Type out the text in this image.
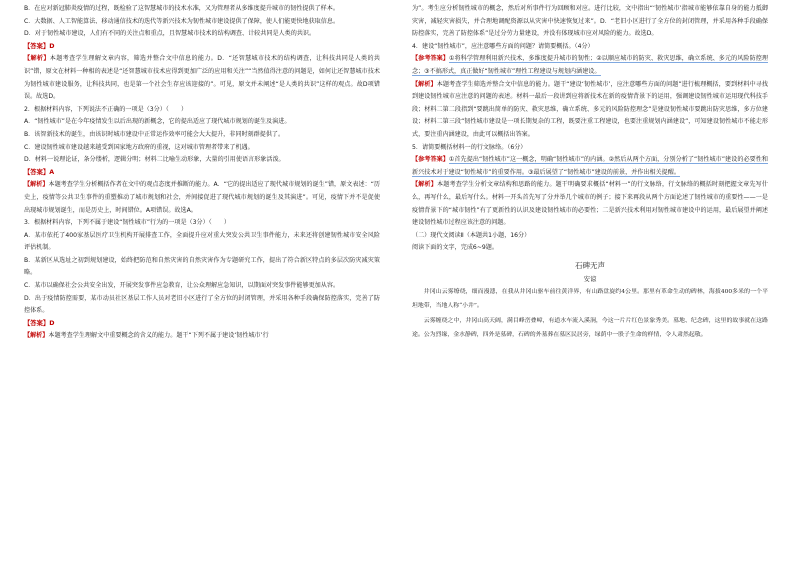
B．在应对新冠肺炎疫情的过程，既检验了这智慧城市的技术水准，又为管理者从多维度提升城市的韧性提供了样本。

C．大数据、人工智能算法、移动通信技术的迭代等新兴技术为韧性城市建设提供了保障，使人们能更快地获取信息。

D．对于韧性城市建设，人们有不同的关注点和重点，且智慧城市技术的结构调查、计较共同是人类的共识。

【答案】D

【解析】本题考查学生理解文章内容，筛选并整合文中信息的能力。D．“还智慧城市技术的结构调查，让科技共同是人类的共识”错，原文在材料一种相的表述是“还智慧城市技术应得到更加广泛的应用和关注”“当然值得注意的问题是，如何让还智慧城市技术为韧性城市建设服务，让科技共同，也是第一个社会生存应该迎接的”。可见，原文并未阐述“是人类的共识”这样的观点。故D项错误。故选D。

2．根据材料内容，下列说法不正确的一项是（3分）（　　）

A．“韧性城市”是在今年疫情发生以后出现的新概念，它的提出适应了现代城市规划的诞生及演进。

B．该智新技术的诞生，由该识时城市建设中正常运作效率可能会大大提升，非同时刻群提供了。

C．建设韧性城市建设越来越受到国家地方政府的重视，这对城市管理者带来了机遇。

D．材料一说理论证，条分缕析，逻辑分明；材料二比喻生动形象，大量的引用使语言形象活泼。

【答案】A

【解析】本题考查学生分析概括作者在文中的观点态度并推断的能力。A．“它的提出适应了现代城市规划的诞生”错，原文表述：“历史上，疫情等公共卫生事件的重塑推动了城市规划和社会，并间接促进了现代城市规划的诞生及其演进”。可见，疫情下并不是促使出现城市规划诞生，而是历史上，时间错位。A项错误。故选A。

3．根据材料内容，下列不属于建设“韧性城市”行为的一项是（3分）（　　）

A．某市依托了400家基层医疗卫生机构开展排查工作，全面提升应对重大突发公共卫生事件能力，未来还将创建韧性城市安全风险评估机制。

B．某新区从选址之初到规划建设，始终把防范和自然灾害的自然灾害作为专题研究工作，提出了符合新区特点的多层次防灾减灾策略。

C．某市以确保社会公共安全出发，开展突发事件应急教育，让公众理解应急知识，以期面对突发事件能够更加从容。

D．出于疫情防控需要，某市动员社区基层工作人员对老旧小区进行了全方位的封闭管理，并采用各种手段确保防控落实，完善了防控体系。

【答案】D

【解析】本题考查学生理解文中重要概念的含义的能力。题干“下列不属于建设‘韧性城市’行

为”。考生应分析韧性城市的概念，然后对所事件行为回顾和对应。进行比较，文中指出“‘韧性城市’指城市能够依靠自身的能力抵御灾害，减轻灾害损失，并合理地调配资源以从灾害中快速恢复过来”。D．“老旧小区进行了全方位的封闭管理，并采用各种手段确保防控落实，完善了防控体系”是过分劳力量建设，并没有体现城市应对风险的能力。故选D。

4．建设“韧性城市”，应注意哪些方面的问题？请简要概括。（4分）

【参考答案】①将科学管理利用新兴技术，多维度提升城市的韧性；②以顺应城市的防灾、救灾思维，确立系统、多元的风险防控理念；③不搞形式，真正做好“韧性城市”理性工程建设与规划内涵建设。

【解析】本题考查学生筛选并整合文中信息的能力。题干“建设‘韧性城市’，应注意哪些方面的问题”进行梳理概括，要到材料中寻找到建设韧性城市应注意的问题的表述。材料一最后一段讲到应将新技术在新的疫情背景下的运用，强调建设韧性城市运用现代科技手段；材料二第二段指到“要跳出简单的防灾、救灾思维，确立系统、多元的风险防控理念”是建设韧性城市要跳出防灾思维，多方位建设；材料二第三段“韧性城市建设是一项长期复杂的工程，既要注重工程建设，也要注重规划内涵建设”，可知建设韧性城市不能走形式，要注重内涵建设，由此可以概括出答案。

5．请简要概括材料一的行文脉络。（6分）

【参考答案】①首先提出“韧性城市”这一概念，明确“韧性城市”的内涵。②然后从两个方面，分别分析了“韧性城市”建设的必要性和新兴技术对于建设“韧性城市”的重要作用。③最后展望了“韧性城市”建设的前景，并作出相关提醒。

【解析】本题考查学生分析文章结构和思路的能力。题干明确要求概括“材料一”的行文脉络，行文脉络的概括时刻把握文章先写什么，再写什么，最后写什么。材料一开头首先写了分并举几个城市的例子；接下来再段从两个方面论述了韧性城市的重要性——一是疫情背景下的“城市韧性”有了更新性的认识及建设韧性城市的必要性；二是新兴技术利用对韧性城市建设中的运用，最后展望并阐述建设韧性城市过程应该注意的问题。

（二）现代文阅读Ⅱ（本题共1小题，16分）

阅读下面的文字，完成6~9题。

石碑无声

安谅

井冈山云雾缭绕，细而漫漶，在我从井冈山驱车前往黄洋界，有山路盘旋约4公里。那里有革命生动的碑林，海拔400多米的一个平坦地带，当地人称“小井”。

云雾缠绕之中，井冈山高天阔，满目峰峦叠嶂，有道水车流入溪涧，今这一片片红色景象秀美。墓地、纪念碑，这里的故事就在这路途。公为烈缘，金水静碑，四外是墓碑，石碑的外墓葬在墓区民居旁，绿荫中一股子生命的样情，令人肃然起敬。
